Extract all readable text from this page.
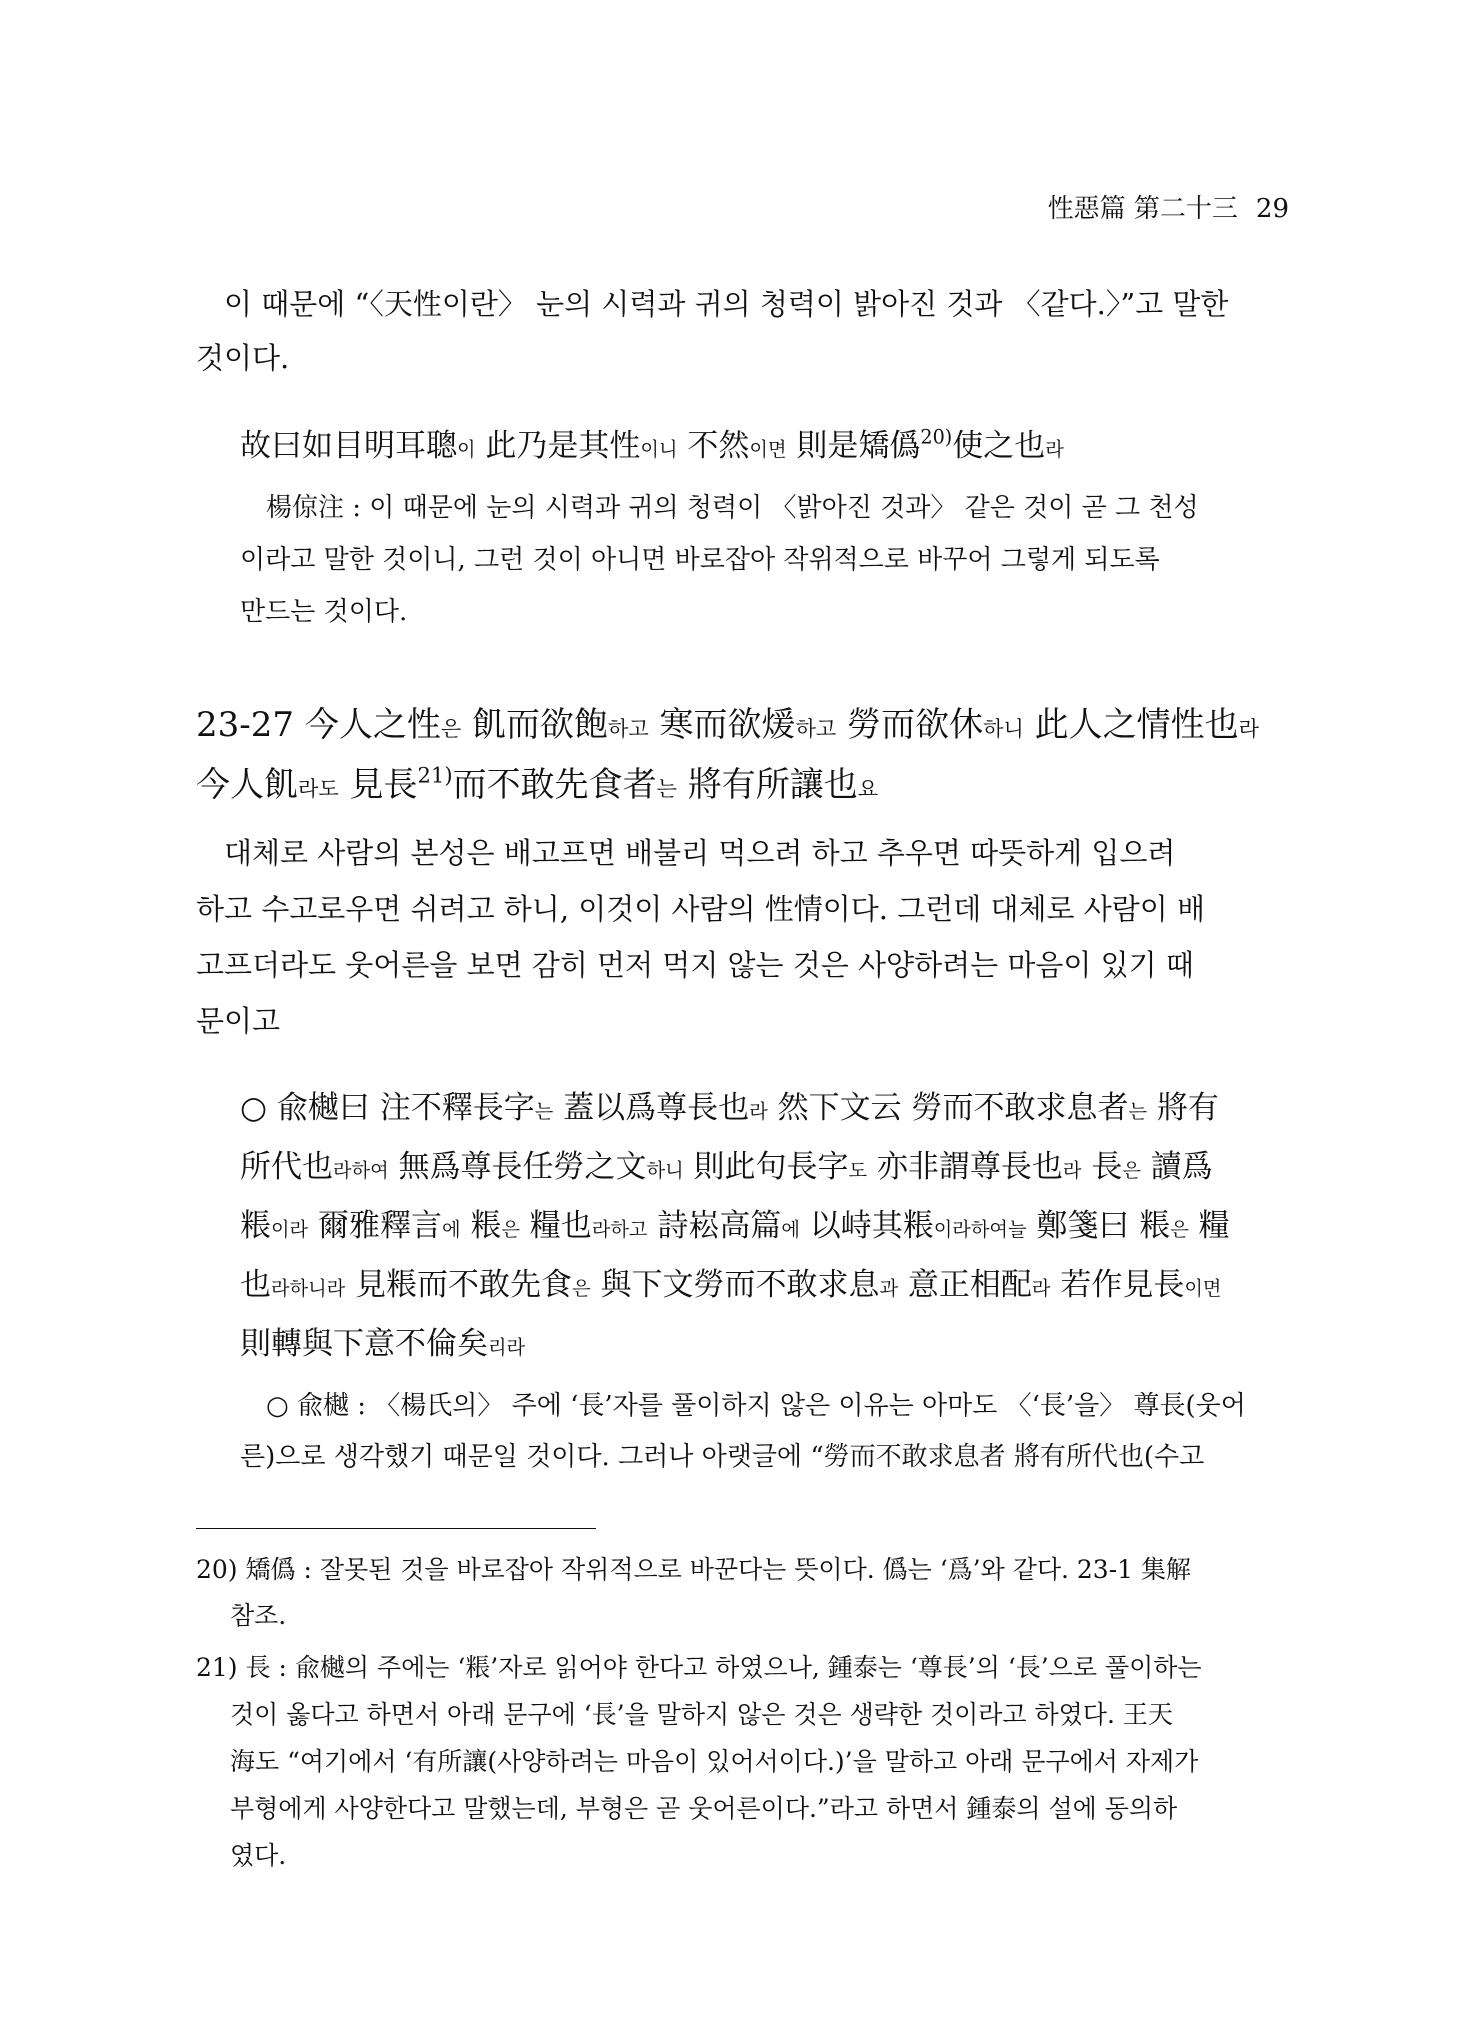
性惡篇 第二十三 29

이 때문에 “〈天性이란〉 눈의 시력과 귀의 청력이 밝아진 것과 〈같다.〉”고 말한

것이다.

故曰如目明耳聰이 此乃是其性이니 不然이면 則是矯僞$^{20)}$使之也라

楊倞注 : 이 때문에 눈의 시력과 귀의 청력이 〈밝아진 것과〉 같은 것이 곧 그 천성

이라고 말한 것이니, 그런 것이 아니면 바로잡아 작위적으로 바꾸어 그렇게 되도록

만드는 것이다.

23-27 今人之性은 飢而欲飽하고 寒而欲煖하고 勞而欲休하니 此人之情性也라

今人飢라도 見長$^{21)}$而不敢先食者는 將有所讓也요

대체로 사람의 본성은 배고프면 배불리 먹으려 하고 추우면 따뜻하게 입으려

하고 수고로우면 쉬려고 하니, 이것이 사람의 性情이다. 그런데 대체로 사람이 배

고프더라도 웃어른을 보면 감히 먼저 먹지 않는 것은 사양하려는 마음이 있기 때

문이고

○ 兪樾曰 注不釋長字는 蓋以爲尊長也라 然下文云 勞而不敢求息者는 將有

所代也라하여 無爲尊長任勞之文하니 則此句長字도 亦非謂尊長也라 長은 讀爲

粻이라 爾雅釋言에 粻은 糧也라하고 詩崧高篇에 以峙其粻이라하여늘 鄭箋曰 粻은 糧

也라하니라 見粻而不敢先食은 與下文勞而不敢求息과 意正相配라 若作見長이면

則轉與下意不倫矣리라

○ 兪樾 : 〈楊氏의〉 주에 ‘長’자를 풀이하지 않은 이유는 아마도 〈‘長’을〉 尊長(웃어

른)으로 생각했기 때문일 것이다. 그러나 아랫글에 “勞而不敢求息者 將有所代也(수고

20) 矯僞 : 잘못된 것을 바로잡아 작위적으로 바꾼다는 뜻이다. 僞는 ‘爲’와 같다. 23-1 集解

참조.

21) 長 : 兪樾의 주에는 ‘粻’자로 읽어야 한다고 하였으나, 鍾泰는 ‘尊長’의 ‘長’으로 풀이하는

것이 옳다고 하면서 아래 문구에 ‘長’을 말하지 않은 것은 생략한 것이라고 하였다. 王天

海도 “여기에서 ‘有所讓(사양하려는 마음이 있어서이다.)’을 말하고 아래 문구에서 자제가

부형에게 사양한다고 말했는데, 부형은 곧 웃어른이다.”라고 하면서 鍾泰의 설에 동의하

였다.
